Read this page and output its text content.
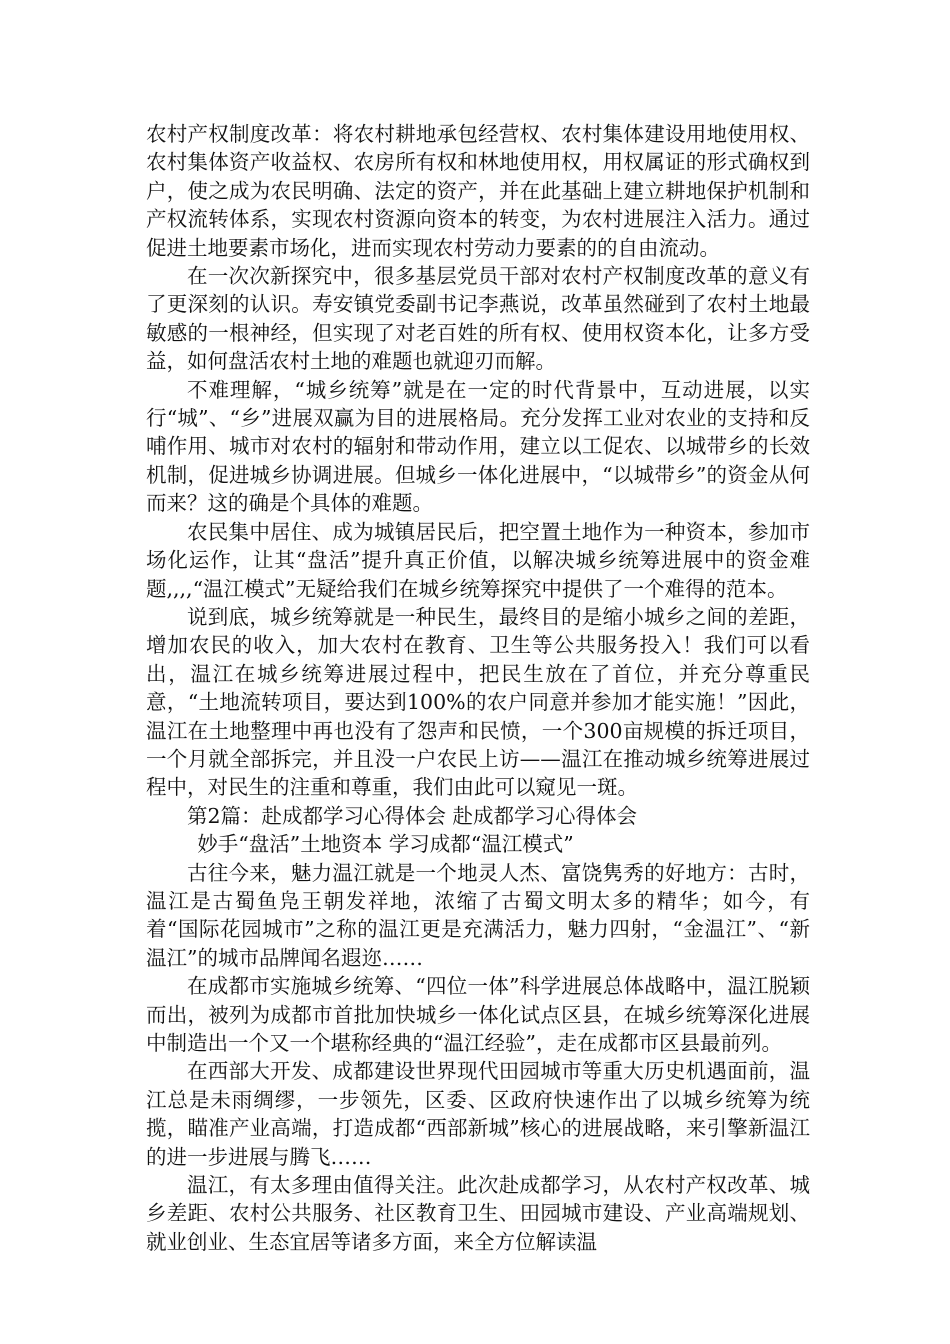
农村产权制度改革：将农村耕地承包经营权、农村集体建设用地使用权、农村集体资产收益权、农房所有权和林地使用权，用权属证的形式确权到户，使之成为农民明确、法定的资产，并在此基础上建立耕地保护机制和产权流转体系，实现农村资源向资本的转变，为农村进展注入活力。通过促进土地要素市场化，进而实现农村劳动力要素的的自由流动。

在一次次新探究中，很多基层党员干部对农村产权制度改革的意义有了更深刻的认识。寿安镇党委副书记李燕说，改革虽然碰到了农村土地最敏感的一根神经，但实现了对老百姓的所有权、使用权资本化，让多方受益，如何盘活农村土地的难题也就迎刃而解。

不难理解，“城乡统筹”就是在一定的时代背景中，互动进展，以实行“城”、“乡”进展双赢为目的进展格局。充分发挥工业对农业的支持和反哺作用、城市对农村的辐射和带动作用，建立以工促农、以城带乡的长效机制，促进城乡协调进展。但城乡一体化进展中，“以城带乡”的资金从何而来？这的确是个具体的难题。

农民集中居住、成为城镇居民后，把空置土地作为一种资本，参加市场化运作，让其“盘活”提升真正价值，以解决城乡统筹进展中的资金难题,,,,“温江模式”无疑给我们在城乡统筹探究中提供了一个难得的范本。

说到底，城乡统筹就是一种民生，最终目的是缩小城乡之间的差距，增加农民的收入，加大农村在教育、卫生等公共服务投入！我们可以看出，温江在城乡统筹进展过程中，把民生放在了首位，并充分尊重民意，“土地流转项目，要达到100%的农户同意并参加才能实施！”因此，温江在土地整理中再也没有了怨声和民愤，一个300亩规模的拆迁项目，一个月就全部拆完，并且没一户农民上访——温江在推动城乡统筹进展过程中，对民生的注重和尊重，我们由此可以窥见一斑。

第2篇：赴成都学习心得体会 赴成都学习心得体会

妙手“盘活”土地资本 学习成都“温江模式”

古往今来，魅力温江就是一个地灵人杰、富饶隽秀的好地方：古时，温江是古蜀鱼凫王朝发祥地，浓缩了古蜀文明太多的精华；如今，有着“国际花园城市”之称的温江更是充满活力，魅力四射，“金温江”、“新温江”的城市品牌闻名遐迩……

在成都市实施城乡统筹、“四位一体”科学进展总体战略中，温江脱颖而出，被列为成都市首批加快城乡一体化试点区县，在城乡统筹深化进展中制造出一个又一个堪称经典的“温江经验”，走在成都市区县最前列。

在西部大开发、成都建设世界现代田园城市等重大历史机遇面前，温江总是未雨绸缪，一步领先，区委、区政府快速作出了以城乡统筹为统揽，瞄准产业高端，打造成都“西部新城”核心的进展战略，来引擎新温江的进一步进展与腾飞……

温江，有太多理由值得关注。此次赴成都学习，从农村产权改革、城乡差距、农村公共服务、社区教育卫生、田园城市建设、产业高端规划、就业创业、生态宜居等诸多方面，来全方位解读温
